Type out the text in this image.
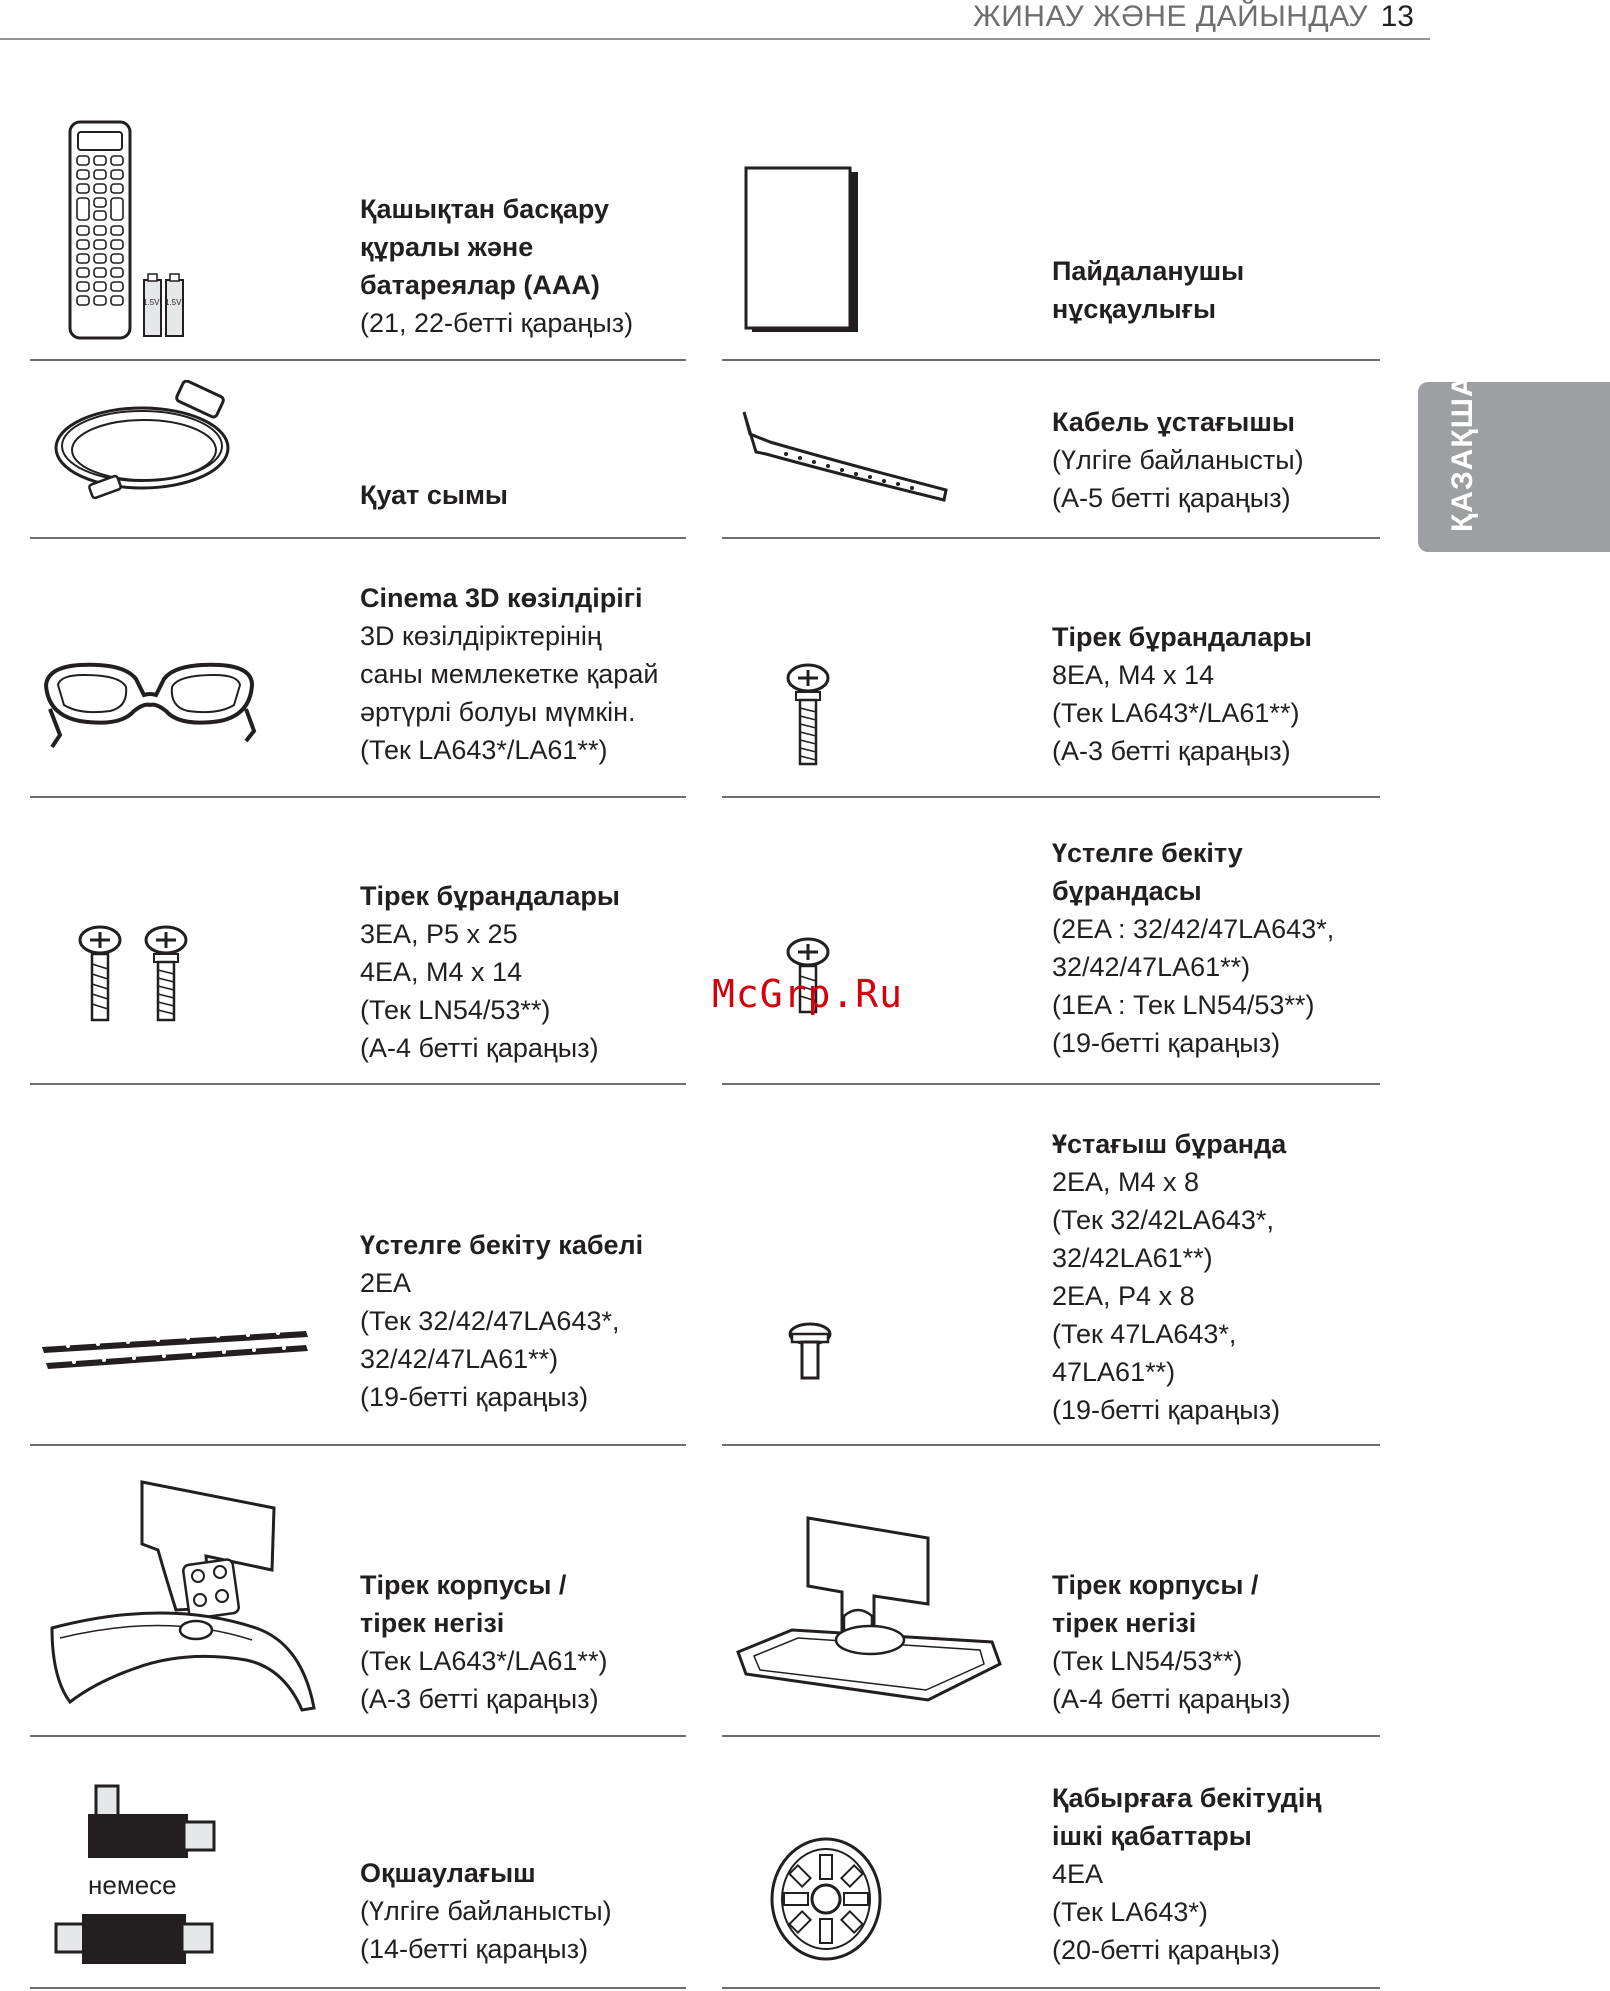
ЖИНАУ ЖӘНЕ ДАЙЫНДАУ 13
ҚАЗАҚША
1.5V 1.5V
Қашықтан басқару
құралы және
батареялар (AAA)
(21, 22-бетті қараңыз)
Пайдаланушы
нұсқаулығы
Қуат сымы
Кабель ұстағышы
(Үлгіге байланысты)
(A-5 бетті қараңыз)
Cinema 3D көзілдірігі
3D көзілдіріктерінің
саны мемлекетке қарай
әртүрлі болуы мүмкін.
(Тек LA643*/LA61**)
Тірек бұрандалары
8EA, M4 x 14
(Тек LA643*/LA61**)
(A-3 бетті қараңыз)
Тірек бұрандалары
3EA, P5 x 25
4EA, M4 x 14
(Тек LN54/53**)
(A-4 бетті қараңыз)
McGrp.Ru
Үстелге бекіту
бұрандасы
(2EA : 32/42/47LA643*,
32/42/47LA61**)
(1EA : Тек LN54/53**)
(19-бетті қараңыз)
Үстелге бекіту кабелі
2EA
(Тек 32/42/47LA643*,
32/42/47LA61**)
(19-бетті қараңыз)
Ұстағыш бұранда
2EA, M4 x 8
(Тек 32/42LA643*,
32/42LA61**)
2EA, P4 x 8
(Тек 47LA643*,
47LA61**)
(19-бетті қараңыз)
Тірек корпусы /
тірек негізі
(Тек LA643*/LA61**)
(A-3 бетті қараңыз)
Тірек корпусы /
тірек негізі
(Тек LN54/53**)
(A-4 бетті қараңыз)
немесе	Оқшаулағыш
(Үлгіге байланысты)
(14-бетті қараңыз)
Қабырғаға бекітудің
ішкі қабаттары
4EA
(Тек LA643*)
(20-бетті қараңыз)
